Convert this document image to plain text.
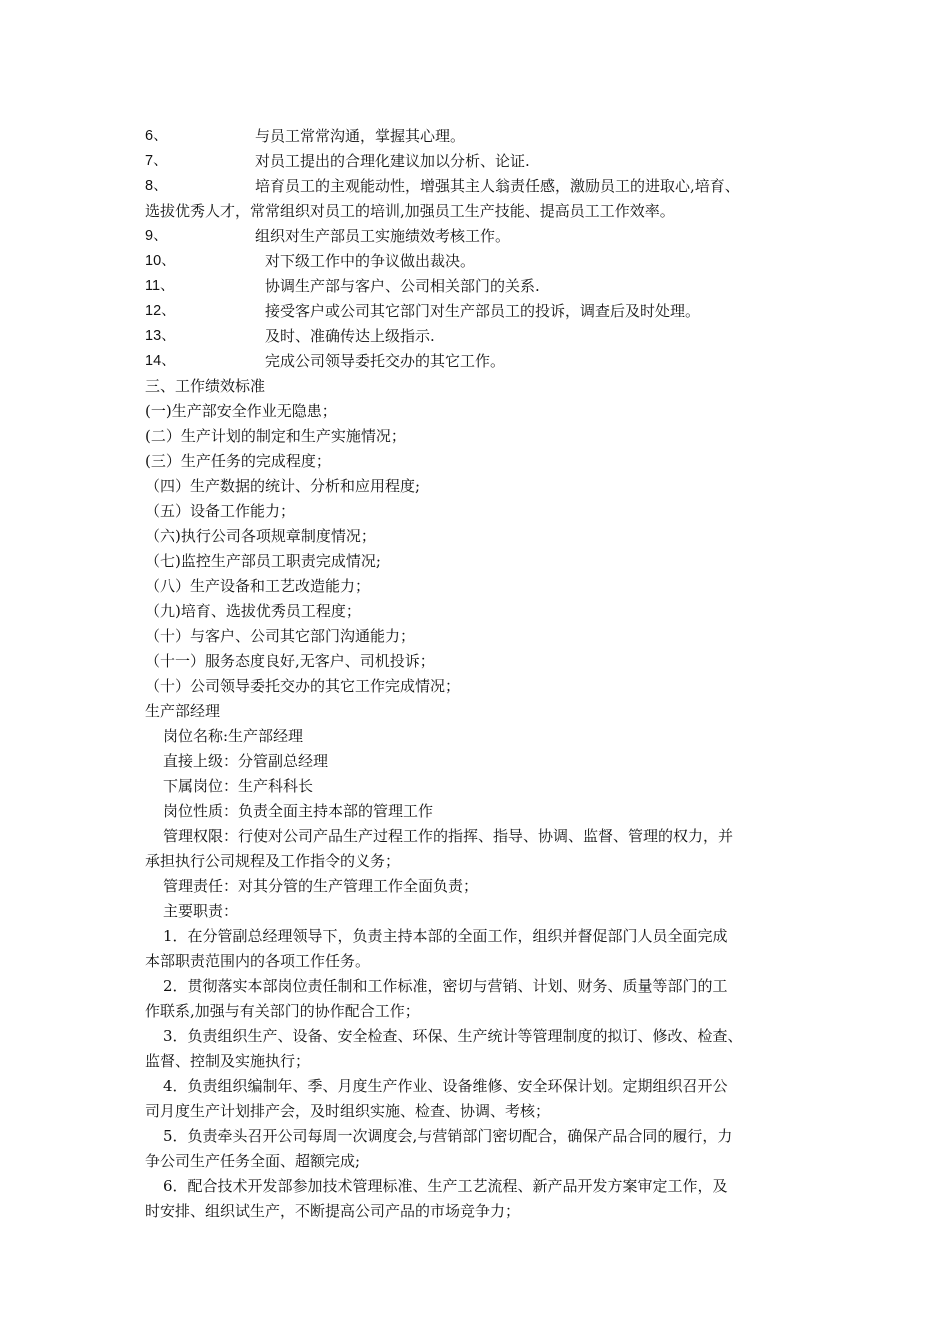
6、	与员工常常沟通，掌握其心理。
7、	对员工提出的合理化建议加以分析、论证.
8、	培育员工的主观能动性，增强其主人翁责任感，激励员工的进取心,培育、
选拔优秀人才，常常组织对员工的培训,加强员工生产技能、提高员工工作效率。
9、	组织对生产部员工实施绩效考核工作。
10、	对下级工作中的争议做出裁决。
11、	协调生产部与客户、公司相关部门的关系.
12、	接受客户或公司其它部门对生产部员工的投诉，调查后及时处理。
13、	及时、准确传达上级指示.
14、	完成公司领导委托交办的其它工作。
三、工作绩效标准
(一)生产部安全作业无隐患；
(二）生产计划的制定和生产实施情况；
(三）生产任务的完成程度；
（四）生产数据的统计、分析和应用程度;
（五）设备工作能力；
（六)执行公司各项规章制度情况；
（七)监控生产部员工职责完成情况;
（八）生产设备和工艺改造能力；
（九)培育、选拔优秀员工程度；
（十）与客户、公司其它部门沟通能力；
（十一）服务态度良好,无客户、司机投诉；
（十）公司领导委托交办的其它工作完成情况；
生产部经理
岗位名称:生产部经理
直接上级：分管副总经理
下属岗位：生产科科长
岗位性质：负责全面主持本部的管理工作
管理权限：行使对公司产品生产过程工作的指挥、指导、协调、监督、管理的权力，并
承担执行公司规程及工作指令的义务；
管理责任：对其分管的生产管理工作全面负责；
主要职责：
1．在分管副总经理领导下，负责主持本部的全面工作，组织并督促部门人员全面完成
本部职责范围内的各项工作任务。
2．贯彻落实本部岗位责任制和工作标准，密切与营销、计划、财务、质量等部门的工
作联系,加强与有关部门的协作配合工作；
3．负责组织生产、设备、安全检查、环保、生产统计等管理制度的拟订、修改、检查、
监督、控制及实施执行；
4．负责组织编制年、季、月度生产作业、设备维修、安全环保计划。定期组织召开公
司月度生产计划排产会，及时组织实施、检查、协调、考核；
5．负责牵头召开公司每周一次调度会,与营销部门密切配合，确保产品合同的履行，力
争公司生产任务全面、超额完成;
6．配合技术开发部参加技术管理标准、生产工艺流程、新产品开发方案审定工作，及
时安排、组织试生产，不断提高公司产品的市场竞争力；
